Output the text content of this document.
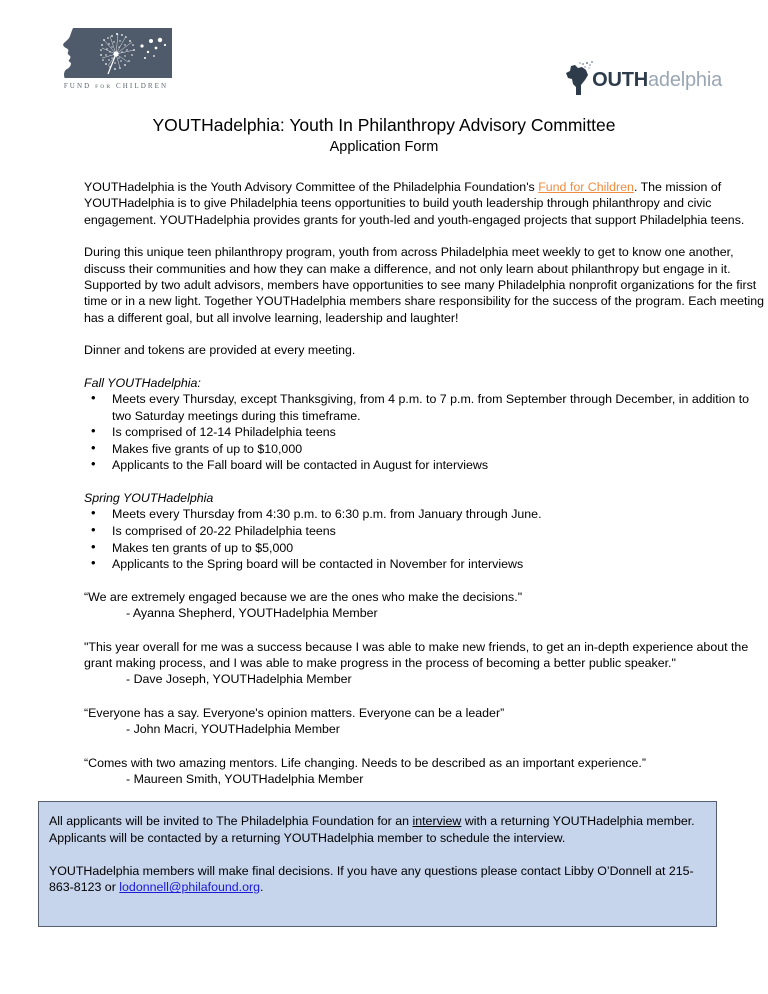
FUND FOR CHILDREN	OUTH adelphia
YOUTHadelphia: Youth In Philanthropy Advisory Committee
Application Form

YOUTHadelphia is the Youth Advisory Committee of the Philadelphia Foundation's Fund for Children. The mission of YOUTHadelphia is to give Philadelphia teens opportunities to build youth leadership through philanthropy and civic engagement. YOUTHadelphia provides grants for youth-led and youth-engaged projects that support Philadelphia teens.

During this unique teen philanthropy program, youth from across Philadelphia meet weekly to get to know one another, discuss their communities and how they can make a difference, and not only learn about philanthropy but engage in it. Supported by two adult advisors, members have opportunities to see many Philadelphia nonprofit organizations for the first time or in a new light. Together YOUTHadelphia members share responsibility for the success of the program. Each meeting has a different goal, but all involve learning, leadership and laughter!

Dinner and tokens are provided at every meeting.

Fall YOUTHadelphia:

• Meets every Thursday, except Thanksgiving, from 4 p.m. to 7 p.m. from September through December, in addition to two Saturday meetings during this timeframe.
• Is comprised of 12-14 Philadelphia teens
• Makes five grants of up to $10,000
• Applicants to the Fall board will be contacted in August for interviews

Spring YOUTHadelphia

• Meets every Thursday from 4:30 p.m. to 6:30 p.m. from January through June.
• Is comprised of 20-22 Philadelphia teens
• Makes ten grants of up to $5,000
• Applicants to the Spring board will be contacted in November for interviews

“We are extremely engaged because we are the ones who make the decisions."

- Ayanna Shepherd, YOUTHadelphia Member

"This year overall for me was a success because I was able to make new friends, to get an in-depth experience about the grant making process, and I was able to make progress in the process of becoming a better public speaker."

- Dave Joseph, YOUTHadelphia Member

“Everyone has a say. Everyone's opinion matters. Everyone can be a leader”

- John Macri, YOUTHadelphia Member

“Comes with two amazing mentors. Life changing. Needs to be described as an important experience.”

- Maureen Smith, YOUTHadelphia Member

All applicants will be invited to The Philadelphia Foundation for an interview with a returning YOUTHadelphia member. Applicants will be contacted by a returning YOUTHadelphia member to schedule the interview.

YOUTHadelphia members will make final decisions. If you have any questions please contact Libby O’Donnell at 215-863-8123 or lodonnell@philafound.org.
